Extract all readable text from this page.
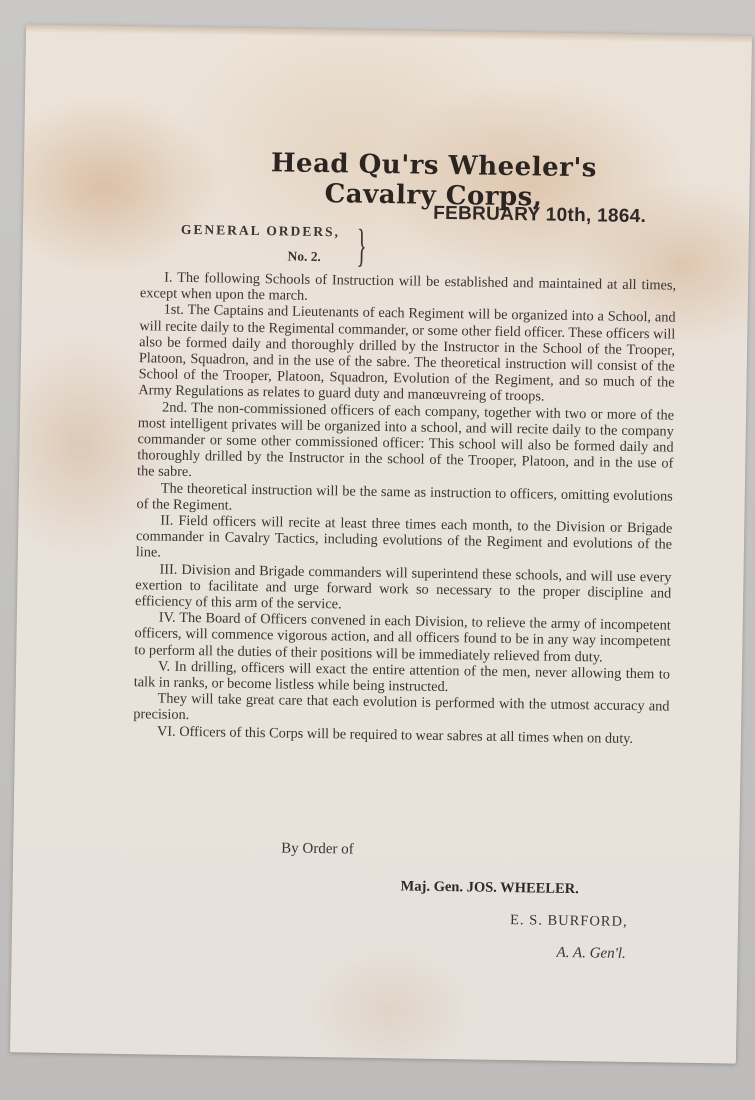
Head Qu'rs Wheeler's Cavalry Corps,
FEBRUARY 10th, 1864.
GENERAL ORDERS, }
No. 2.

I. The following Schools of Instruction will be established and maintained at all times, except when upon the march.

1st. The Captains and Lieutenants of each Regiment will be organized into a School, and will recite daily to the Regimental commander, or some other field officer. These officers will also be formed daily and thoroughly drilled by the Instructor in the School of the Trooper, Platoon, Squadron, and in the use of the sabre. The theoretical instruction will consist of the School of the Trooper, Platoon, Squadron, Evolution of the Regiment, and so much of the Army Regulations as relates to guard duty and manœuvreing of troops.

2nd. The non-commissioned officers of each company, together with two or more of the most intelligent privates will be organized into a school, and will recite daily to the company commander or some other commissioned officer: This school will also be formed daily and thoroughly drilled by the Instructor in the school of the Trooper, Platoon, and in the use of the sabre.

The theoretical instruction will be the same as instruction to officers, omitting evolutions of the Regiment.

II. Field officers will recite at least three times each month, to the Division or Brigade commander in Cavalry Tactics, including evolutions of the Regiment and evolutions of the line.

III. Division and Brigade commanders will superintend these schools, and will use every exertion to facilitate and urge forward work so necessary to the proper discipline and efficiency of this arm of the service.

IV. The Board of Officers convened in each Division, to relieve the army of incompetent officers, will commence vigorous action, and all officers found to be in any way incompetent to perform all the duties of their positions will be immediately relieved from duty.

V. In drilling, officers will exact the entire attention of the men, never allowing them to talk in ranks, or become listless while being instructed.

They will take great care that each evolution is performed with the utmost accuracy and precision.

VI. Officers of this Corps will be required to wear sabres at all times when on duty.

By Order of
Maj. Gen. JOS. WHEELER.
E. S. BURFORD,
A. A. Gen'l.
